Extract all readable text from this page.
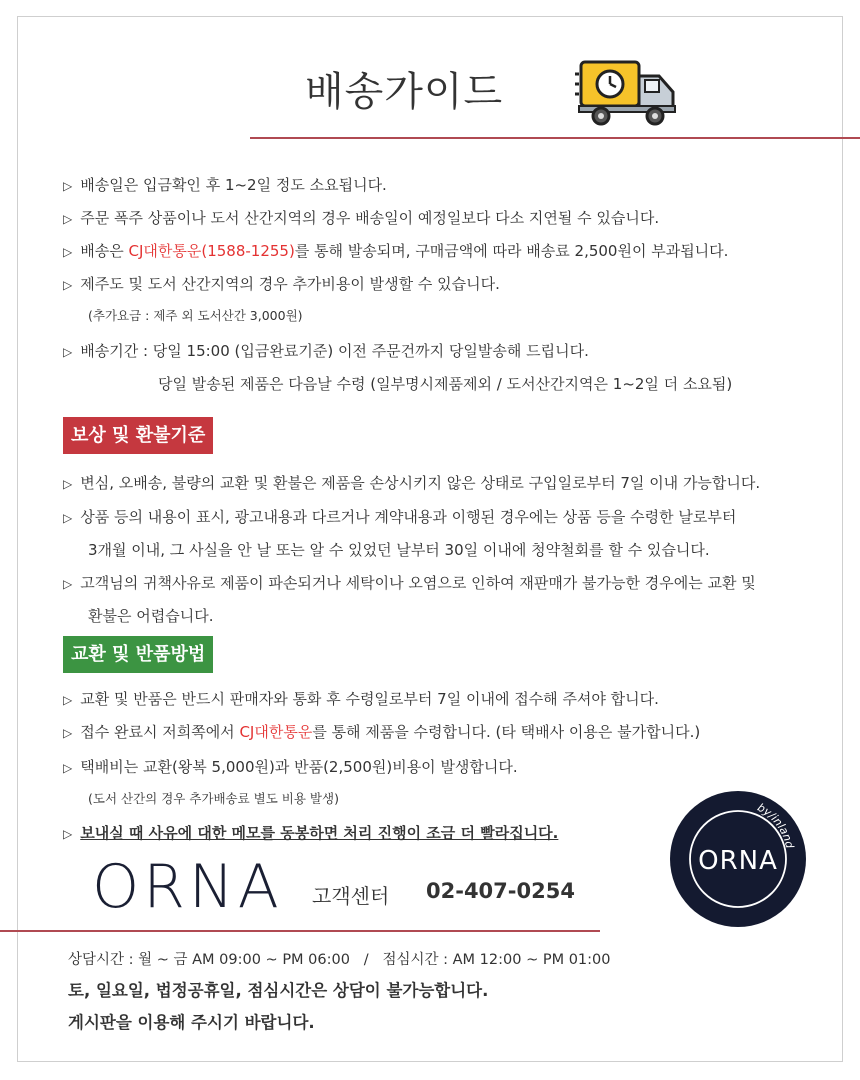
배송가이드
▷ 배송일은 입금확인 후 1~2일 정도 소요됩니다.
▷ 주문 폭주 상품이나 도서 산간지역의 경우 배송일이 예정일보다 다소 지연될 수 있습니다.
▷ 배송은 CJ대한통운(1588-1255)를 통해 발송되며, 구매금액에 따라 배송료 2,500원이 부과됩니다.
▷ 제주도 및 도서 산간지역의 경우 추가비용이 발생할 수 있습니다.
(추가요금 : 제주 외 도서산간 3,000원)
▷ 배송기간 : 당일 15:00 (입금완료기준) 이전 주문건까지 당일발송해 드립니다.
당일 발송된 제품은 다음날 수령 (일부명시제품제외 / 도서산간지역은 1~2일 더 소요됨)
보상 및 환불기준
▷ 변심, 오배송, 불량의 교환 및 환불은 제품을 손상시키지 않은 상태로 구입일로부터 7일 이내 가능합니다.
▷ 상품 등의 내용이 표시, 광고내용과 다르거나 계약내용과 이행된 경우에는 상품 등을 수령한 날로부터
3개월 이내, 그 사실을 안 날 또는 알 수 있었던 날부터 30일 이내에 청약철회를 할 수 있습니다.
▷ 고객님의 귀책사유로 제품이 파손되거나 세탁이나 오염으로 인하여 재판매가 불가능한 경우에는 교환 및
환불은 어렵습니다.
교환 및 반품방법
▷ 교환 및 반품은 반드시 판매자와 통화 후 수령일로부터 7일 이내에 접수해 주셔야 합니다.
▷ 접수 완료시 저희쪽에서 CJ대한통운를 통해 제품을 수령합니다. (타 택배사 이용은 불가합니다.)
▷ 택배비는 교환(왕복 5,000원)과 반품(2,500원)비용이 발생합니다.
(도서 산간의 경우 추가배송료 별도 비용 발생)
▷ 보내실 때 사유에 대한 메모를 동봉하면 처리 진행이 조금 더 빨라집니다.
ORNA 고객센터 02-407-0254
ORNA
by/inland
상담시간 : 월 ~ 금 AM 09:00 ~ PM 06:00   /   점심시간 : AM 12:00 ~ PM 01:00
토, 일요일, 법정공휴일, 점심시간은 상담이 불가능합니다.
게시판을 이용해 주시기 바랍니다.
